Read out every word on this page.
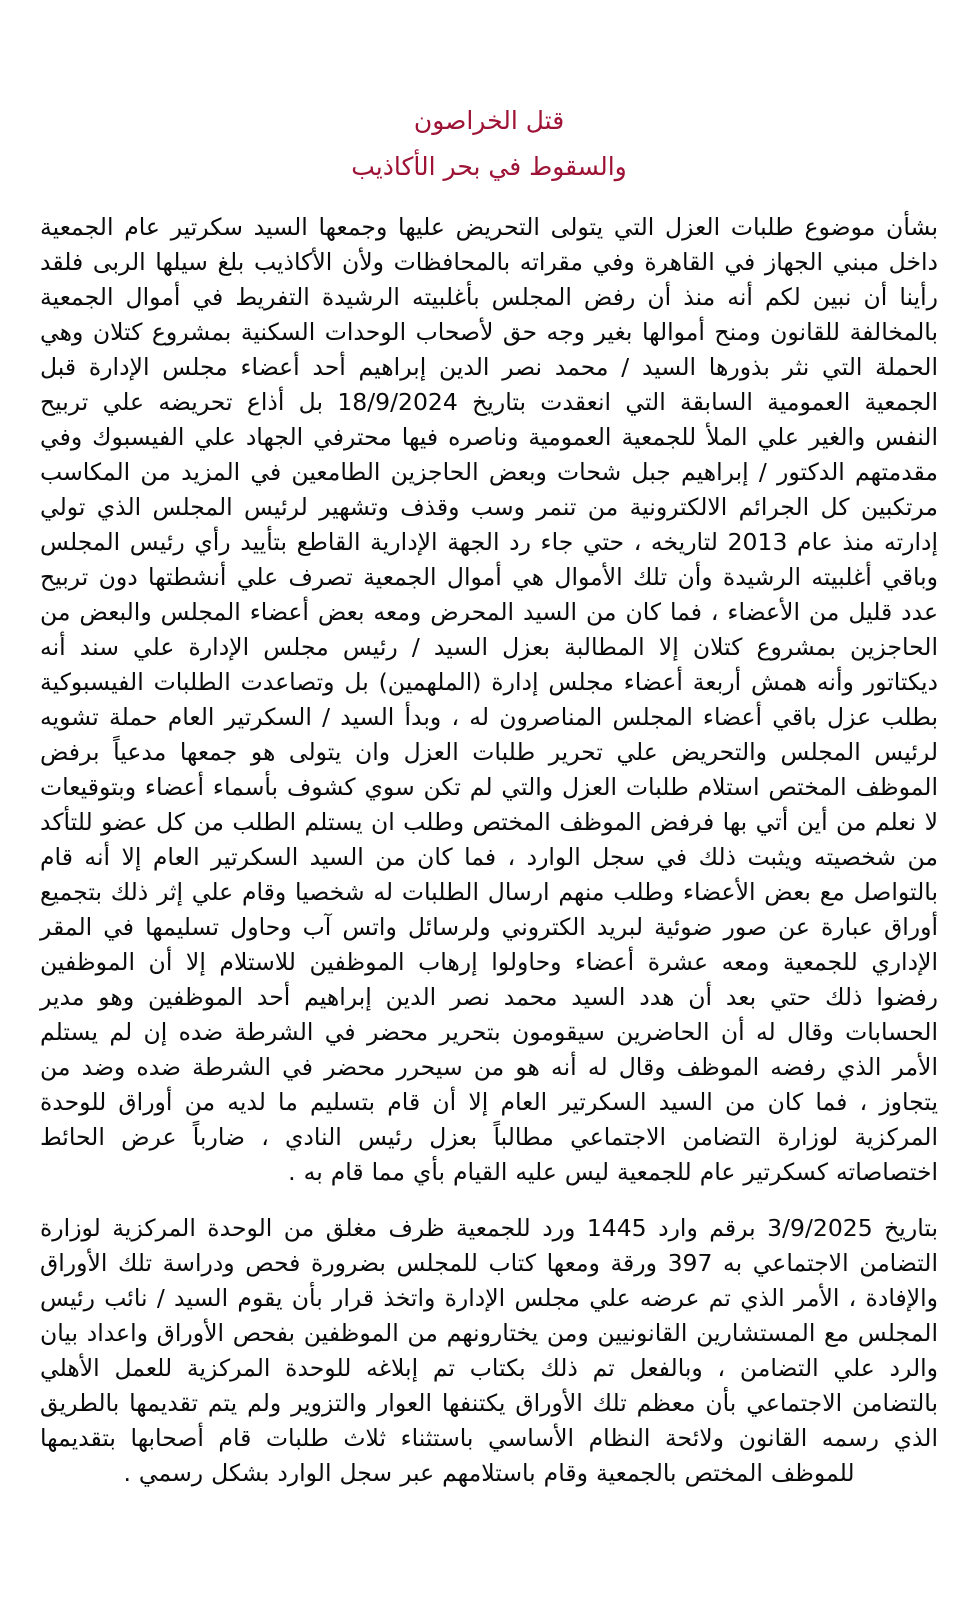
قتل الخراصون
والسقوط في بحر الأكاذيب

بشأن موضوع طلبات العزل التي يتولى التحريض عليها وجمعها السيد سكرتير عام الجمعية داخل مبني الجهاز في القاهرة وفي مقراته بالمحافظات ولأن الأكاذيب بلغ سيلها الربى فلقد رأينا أن نبين لكم أنه منذ أن رفض المجلس بأغلبيته الرشيدة التفريط في أموال الجمعية بالمخالفة للقانون ومنح أموالها بغير وجه حق لأصحاب الوحدات السكنية بمشروع كتلان وهي الحملة التي نثر بذورها السيد / محمد نصر الدين إبراهيم أحد أعضاء مجلس الإدارة قبل الجمعية العمومية السابقة التي انعقدت بتاريخ 18/9/2024 بل أذاع تحريضه علي تربيح النفس والغير علي الملأ للجمعية العمومية وناصره فيها محترفي الجهاد علي الفيسبوك وفي مقدمتهم الدكتور / إبراهيم جبل شحات وبعض الحاجزين الطامعين في المزيد من المكاسب مرتكبين كل الجرائم الالكترونية من تنمر وسب وقذف وتشهير لرئيس المجلس الذي تولي إدارته منذ عام 2013 لتاريخه ، حتي جاء رد الجهة الإدارية القاطع بتأييد رأي رئيس المجلس وباقي أغلبيته الرشيدة وأن تلك الأموال هي أموال الجمعية تصرف علي أنشطتها دون تربيح عدد قليل من الأعضاء ، فما كان من السيد المحرض ومعه بعض أعضاء المجلس والبعض من الحاجزين بمشروع كتلان إلا المطالبة بعزل السيد / رئيس مجلس الإدارة علي سند أنه ديكتاتور وأنه همش أربعة أعضاء مجلس إدارة (الملهمين) بل وتصاعدت الطلبات الفيسبوكية بطلب عزل باقي أعضاء المجلس المناصرون له ، وبدأ السيد / السكرتير العام حملة تشويه لرئيس المجلس والتحريض علي تحرير طلبات العزل وان يتولى هو جمعها مدعياً برفض الموظف المختص استلام طلبات العزل والتي لم تكن سوي كشوف بأسماء أعضاء وبتوقيعات لا نعلم من أين أتي بها فرفض الموظف المختص وطلب ان يستلم الطلب من كل عضو للتأكد من شخصيته ويثبت ذلك في سجل الوارد ، فما كان من السيد السكرتير العام إلا أنه قام بالتواصل مع بعض الأعضاء وطلب منهم ارسال الطلبات له شخصيا وقام علي إثر ذلك بتجميع أوراق عبارة عن صور ضوئية لبريد الكتروني ولرسائل واتس آب وحاول تسليمها في المقر الإداري للجمعية ومعه عشرة أعضاء وحاولوا إرهاب الموظفين للاستلام إلا أن الموظفين رفضوا ذلك حتي بعد أن هدد السيد محمد نصر الدين إبراهيم أحد الموظفين وهو مدير الحسابات وقال له أن الحاضرين سيقومون بتحرير محضر في الشرطة ضده إن لم يستلم الأمر الذي رفضه الموظف وقال له أنه هو من سيحرر محضر في الشرطة ضده وضد من يتجاوز ، فما كان من السيد السكرتير العام إلا أن قام بتسليم ما لديه من أوراق للوحدة المركزية لوزارة التضامن الاجتماعي مطالباً بعزل رئيس النادي ، ضارباً عرض الحائط اختصاصاته كسكرتير عام للجمعية ليس عليه القيام بأي مما قام به .

بتاريخ 3/9/2025 برقم وارد 1445 ورد للجمعية ظرف مغلق من الوحدة المركزية لوزارة التضامن الاجتماعي به 397 ورقة ومعها كتاب للمجلس بضرورة فحص ودراسة تلك الأوراق والإفادة ، الأمر الذي تم عرضه علي مجلس الإدارة واتخذ قرار بأن يقوم السيد / نائب رئيس المجلس مع المستشارين القانونيين ومن يختارونهم من الموظفين بفحص الأوراق واعداد بيان والرد علي التضامن ، وبالفعل تم ذلك بكتاب تم إبلاغه للوحدة المركزية للعمل الأهلي بالتضامن الاجتماعي بأن معظم تلك الأوراق يكتنفها العوار والتزوير ولم يتم تقديمها بالطريق الذي رسمه القانون ولائحة النظام الأساسي باستثناء ثلاث طلبات قام أصحابها بتقديمها للموظف المختص بالجمعية وقام باستلامهم عبر سجل الوارد بشكل رسمي .
